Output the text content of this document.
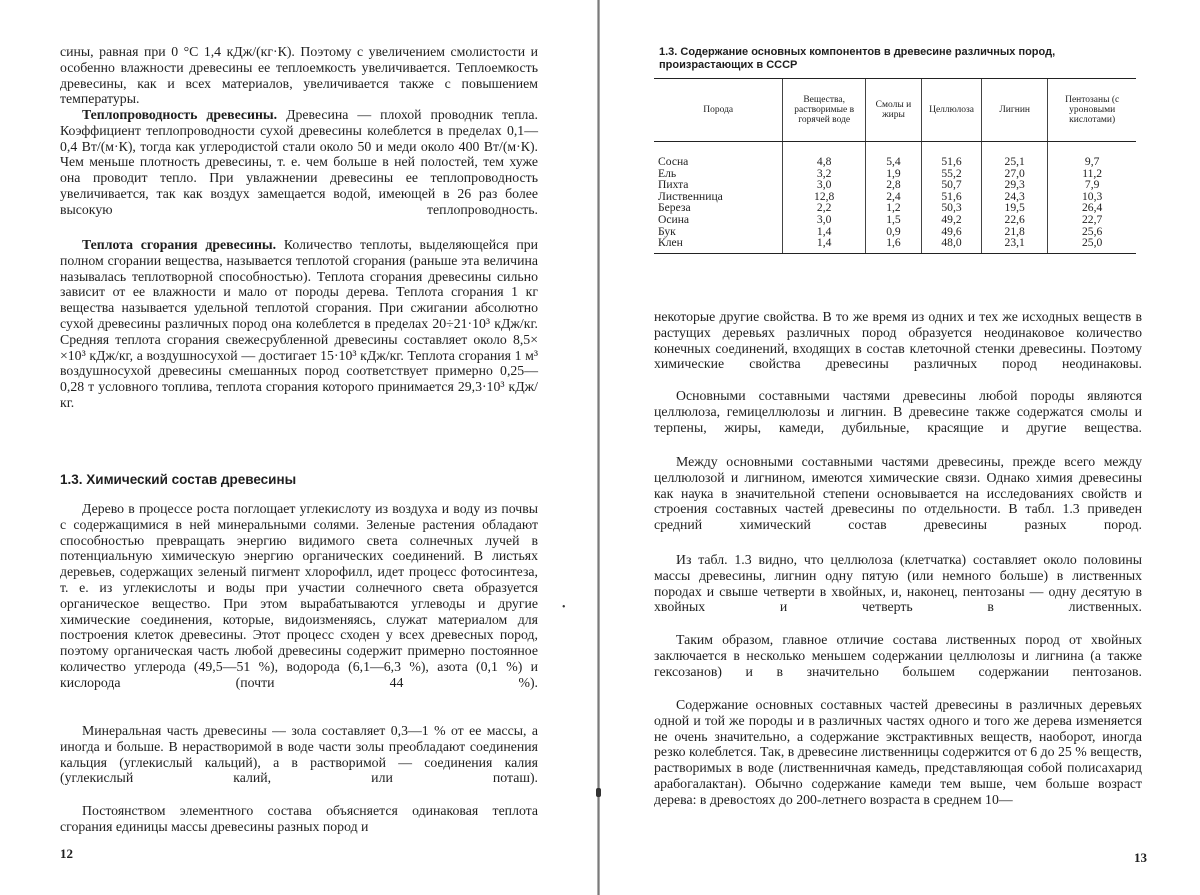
сины, равная при 0 °С 1,4 кДж/(кг·К). Поэтому с увеличением смолистости и особенно влажности древесины ее теплоемкость увеличивается. Теплоемкость древесины, как и всех материалов, увеличивается также с повышением температуры.
Теплопроводность древесины. Древесина — плохой проводник тепла. Коэффициент теплопроводности сухой древесины колеблется в пределах 0,1—0,4 Вт/(м·К), тогда как углеродистой стали около 50 и меди около 400 Вт/(м·К). Чем меньше плотность древесины, т. е. чем больше в ней полостей, тем хуже она проводит тепло. При увлажнении древесины ее теплопроводность увеличивается, так как воздух замещается водой, имеющей в 26 раз более высокую теплопроводность.
Теплота сгорания древесины. Количество теплоты, выделяющейся при полном сгорании вещества, называется теплотой сгорания (раньше эта величина называлась теплотворной способностью). Теплота сгорания древесины сильно зависит от ее влажности и мало от породы дерева. Теплота сгорания 1 кг вещества называется удельной теплотой сгорания. При сжигании абсолютно сухой древесины различных пород она колеблется в пределах 20÷21·10³ кДж/кг. Средняя теплота сгорания свежесрубленной древесины составляет около 8,5× ×10³ кДж/кг, а воздушносухой — достигает 15·10³ кДж/кг. Теплота сгорания 1 м³ воздушносухой древесины смешанных пород соответствует примерно 0,25—0,28 т условного топлива, теплота сгорания которого принимается 29,3·10³ кДж/кг.
1.3. Химический состав древесины
Дерево в процессе роста поглощает углекислоту из воздуха и воду из почвы с содержащимися в ней минеральными солями. Зеленые растения обладают способностью превращать энергию видимого света солнечных лучей в потенциальную химическую энергию органических соединений. В листьях деревьев, содержащих зеленый пигмент хлорофилл, идет процесс фотосинтеза, т. е. из углекислоты и воды при участии солнечного света образуется органическое вещество. При этом вырабатываются углеводы и другие химические соединения, которые, видоизменяясь, служат материалом для построения клеток древесины. Этот процесс сходен у всех древесных пород, поэтому органическая часть любой древесины содержит примерно постоянное количество углерода (49,5—51 %), водорода (6,1—6,3 %), азота (0,1 %) и кислорода (почти 44 %).
Минеральная часть древесины — зола составляет 0,3—1 % от ее массы, а иногда и больше. В нерастворимой в воде части золы преобладают соединения кальция (углекислый кальций), а в растворимой — соединения калия (углекислый калий, или поташ).
Постоянством элементного состава объясняется одинаковая теплота сгорания единицы массы древесины разных пород и
12
•
1.3. Содержание основных компонентов в древесине различных пород, произрастающих в СССР
Порода	Вещества, растворимые в горячей воде	Смолы и жиры	Целлюлоза	Лигнин	Пентозаны (с уроновыми кислотами)
Сосна	4,8	5,4	51,6	25,1	9,7
Ель	3,2	1,9	55,2	27,0	11,2
Пихта	3,0	2,8	50,7	29,3	7,9
Лиственница	12,8	2,4	51,6	24,3	10,3
Береза	2,2	1,2	50,3	19,5	26,4
Осина	3,0	1,5	49,2	22,6	22,7
Бук	1,4	0,9	49,6	21,8	25,6
Клен	1,4	1,6	48,0	23,1	25,0
некоторые другие свойства. В то же время из одних и тех же исходных веществ в растущих деревьях различных пород образуется неодинаковое количество конечных соединений, входящих в состав клеточной стенки древесины. Поэтому химические свойства древесины различных пород неодинаковы.
Основными составными частями древесины любой породы являются целлюлоза, гемицеллюлозы и лигнин. В древесине также содержатся смолы и терпены, жиры, камеди, дубильные, красящие и другие вещества.
Между основными составными частями древесины, прежде всего между целлюлозой и лигнином, имеются химические связи. Однако химия древесины как наука в значительной степени основывается на исследованиях свойств и строения составных частей древесины по отдельности. В табл. 1.3 приведен средний химический состав древесины разных пород.
Из табл. 1.3 видно, что целлюлоза (клетчатка) составляет около половины массы древесины, лигнин одну пятую (или немного больше) в лиственных породах и свыше четверти в хвойных, и, наконец, пентозаны — одну десятую в хвойных и четверть в лиственных.
Таким образом, главное отличие состава лиственных пород от хвойных заключается в несколько меньшем содержании целлюлозы и лигнина (а также гексозанов) и в значительно большем содержании пентозанов.
Содержание основных составных частей древесины в различных деревьях одной и той же породы и в различных частях одного и того же дерева изменяется не очень значительно, а содержание экстрактивных веществ, наоборот, иногда резко колеблется. Так, в древесине лиственницы содержится от 6 до 25 % веществ, растворимых в воде (лиственничная камедь, представляющая собой полисахарид арабогалактан). Обычно содержание камеди тем выше, чем больше возраст дерева: в древостоях до 200-летнего возраста в среднем 10—
13
